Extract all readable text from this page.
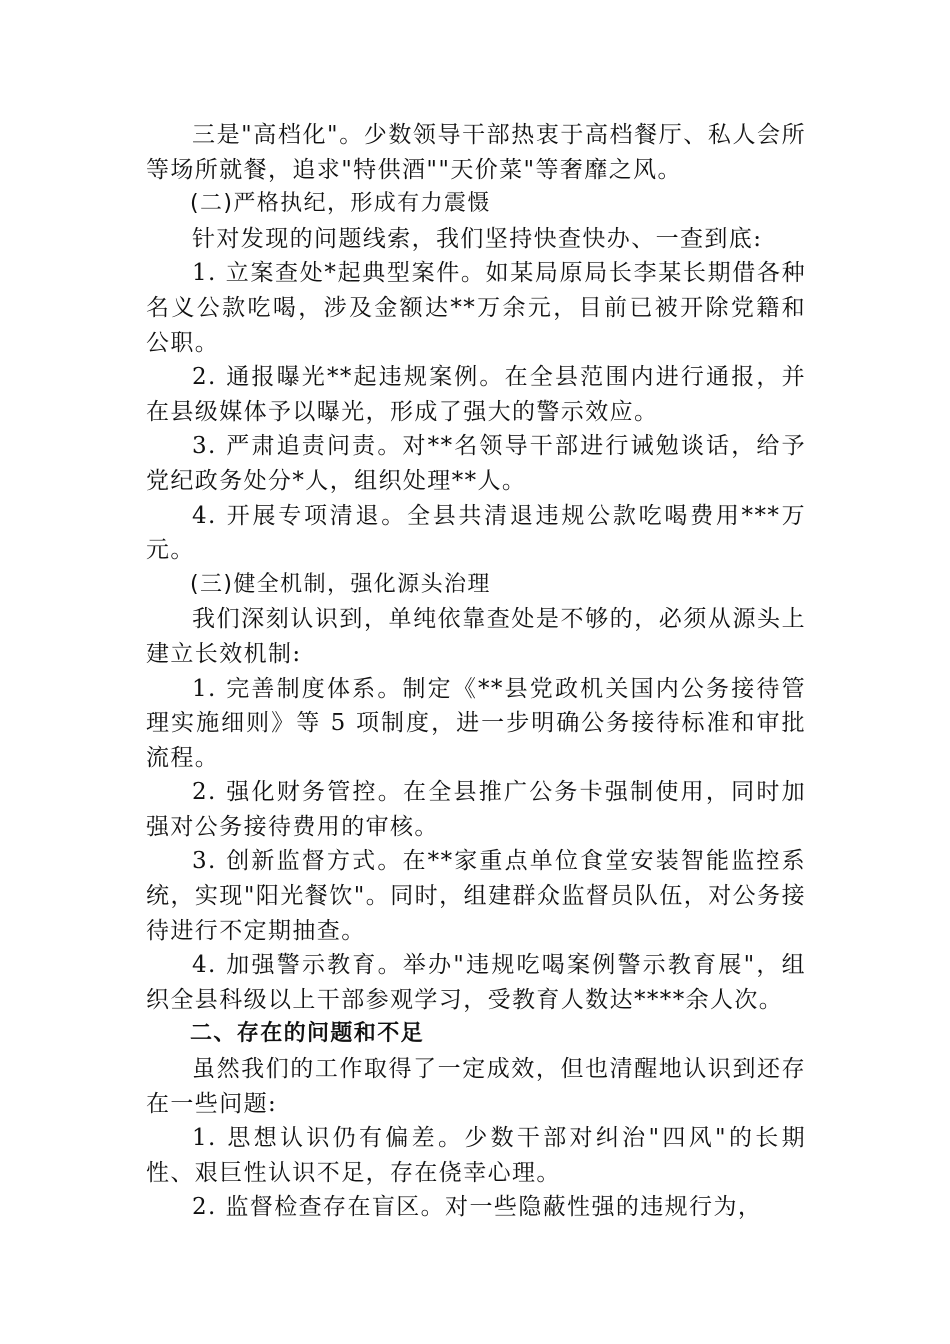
三是"高档化"。少数领导干部热衷于高档餐厅、私人会所等场所就餐，追求"特供酒""天价菜"等奢靡之风。

(二)严格执纪，形成有力震慑

针对发现的问题线索，我们坚持快查快办、一查到底:

1. 立案查处*起典型案件。如某局原局长李某长期借各种名义公款吃喝，涉及金额达**万余元，目前已被开除党籍和公职。

2. 通报曝光**起违规案例。在全县范围内进行通报，并在县级媒体予以曝光，形成了强大的警示效应。

3. 严肃追责问责。对**名领导干部进行诫勉谈话，给予党纪政务处分*人，组织处理**人。

4. 开展专项清退。全县共清退违规公款吃喝费用***万元。

(三)健全机制，强化源头治理

我们深刻认识到，单纯依靠查处是不够的，必须从源头上建立长效机制:

1. 完善制度体系。制定《**县党政机关国内公务接待管理实施细则》等 5 项制度，进一步明确公务接待标准和审批流程。

2. 强化财务管控。在全县推广公务卡强制使用，同时加强对公务接待费用的审核。

3. 创新监督方式。在**家重点单位食堂安装智能监控系统，实现"阳光餐饮"。同时，组建群众监督员队伍，对公务接待进行不定期抽查。

4. 加强警示教育。举办"违规吃喝案例警示教育展"，组织全县科级以上干部参观学习，受教育人数达****余人次。

二、存在的问题和不足

虽然我们的工作取得了一定成效，但也清醒地认识到还存在一些问题:

1. 思想认识仍有偏差。少数干部对纠治"四风"的长期性、艰巨性认识不足，存在侥幸心理。

2. 监督检查存在盲区。对一些隐蔽性强的违规行为，
